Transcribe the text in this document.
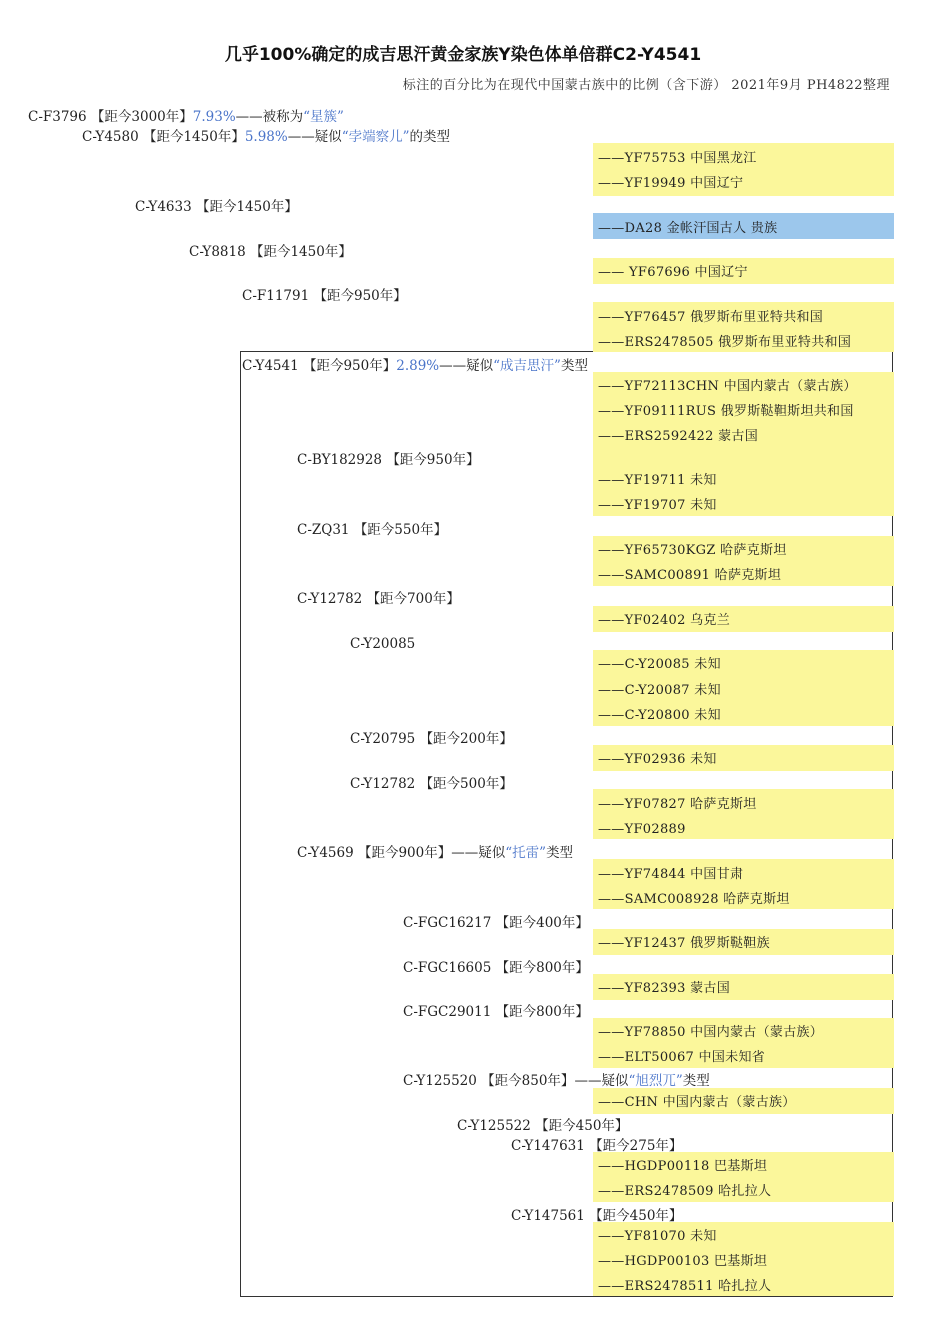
几乎100%确定的成吉思汗黄金家族Y染色体单倍群C2-Y4541
标注的百分比为在现代中国蒙古族中的比例（含下游） 2021年9月 PH4822整理
C-F3796 【距今3000年】7.93%——被称为“星簇”
C-Y4580 【距今1450年】5.98%——疑似“孛端察儿”的类型
C-Y4633 【距今1450年】
C-Y8818 【距今1450年】
C-F11791 【距今950年】
C-Y4541 【距今950年】2.89%——疑似“成吉思汗”类型
C-BY182928 【距今950年】
C-ZQ31 【距今550年】
C-Y12782 【距今700年】
C-Y20085
C-Y20795 【距今200年】
C-Y12782 【距今500年】
C-Y4569 【距今900年】——疑似“托雷”类型
C-FGC16217 【距今400年】
C-FGC16605 【距今800年】
C-FGC29011 【距今800年】
C-Y125520 【距今850年】——疑似“旭烈兀”类型
C-Y125522 【距今450年】
C-Y147631 【距今275年】
C-Y147561 【距今450年】
——YF75753 中国黑龙江
——YF19949 中国辽宁
——DA28 金帐汗国古人 贵族
—— YF67696 中国辽宁
——YF76457 俄罗斯布里亚特共和国
——ERS2478505 俄罗斯布里亚特共和国
——YF72113CHN 中国内蒙古（蒙古族）
——YF09111RUS 俄罗斯鞑靼斯坦共和国
——ERS2592422 蒙古国
——YF19711 未知
——YF19707 未知
——YF65730KGZ 哈萨克斯坦
——SAMC00891 哈萨克斯坦
——YF02402 乌克兰
——C-Y20085 未知
——C-Y20087 未知
——C-Y20800 未知
——YF02936 未知
——YF07827 哈萨克斯坦
——YF02889
——YF74844 中国甘肃
——SAMC008928 哈萨克斯坦
——YF12437 俄罗斯鞑靼族
——YF82393 蒙古国
——YF78850 中国内蒙古（蒙古族）
——ELT50067 中国未知省
——CHN 中国内蒙古（蒙古族）
——HGDP00118 巴基斯坦
——ERS2478509 哈扎拉人
——YF81070 未知
——HGDP00103 巴基斯坦
——ERS2478511 哈扎拉人
